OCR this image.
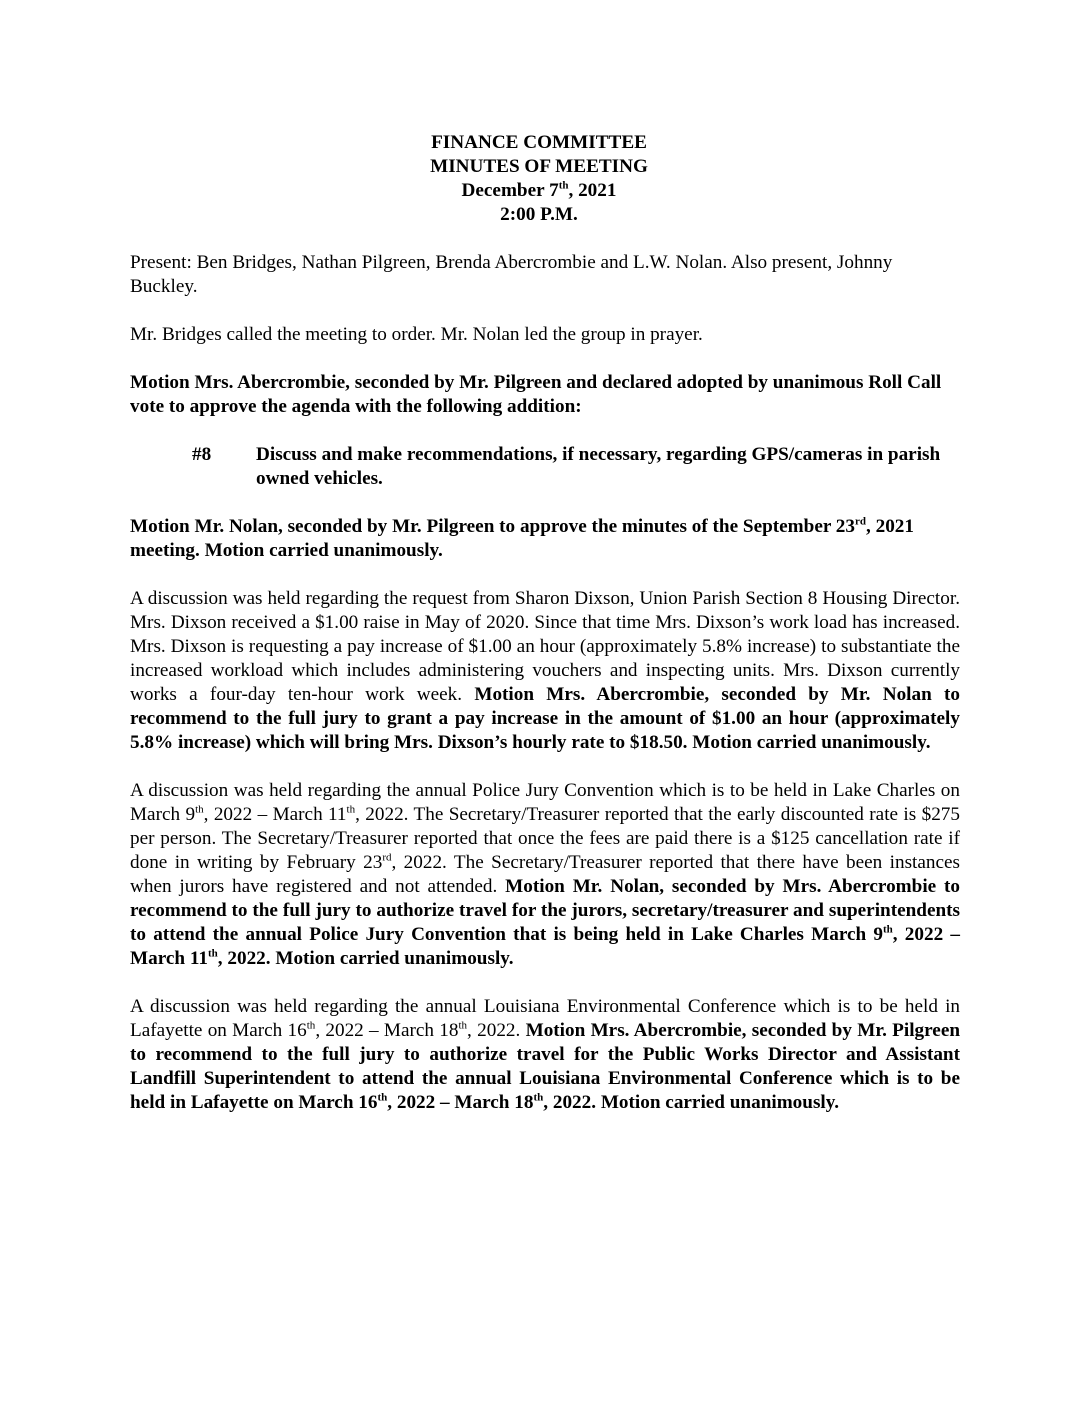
FINANCE COMMITTEE
MINUTES OF MEETING
December 7th, 2021
2:00 P.M.

Present: Ben Bridges, Nathan Pilgreen, Brenda Abercrombie and L.W. Nolan. Also present, Johnny Buckley.

Mr. Bridges called the meeting to order. Mr. Nolan led the group in prayer.

Motion Mrs. Abercrombie, seconded by Mr. Pilgreen and declared adopted by unanimous Roll Call vote to approve the agenda with the following addition:

#8	Discuss and make recommendations, if necessary, regarding GPS/cameras in parish owned vehicles.

Motion Mr. Nolan, seconded by Mr. Pilgreen to approve the minutes of the September 23rd, 2021 meeting. Motion carried unanimously.

A discussion was held regarding the request from Sharon Dixson, Union Parish Section 8 Housing Director. Mrs. Dixson received a $1.00 raise in May of 2020. Since that time Mrs. Dixson’s work load has increased. Mrs. Dixson is requesting a pay increase of $1.00 an hour (approximately 5.8% increase) to substantiate the increased workload which includes administering vouchers and inspecting units. Mrs. Dixson currently works a four-day ten-hour work week. Motion Mrs. Abercrombie, seconded by Mr. Nolan to recommend to the full jury to grant a pay increase in the amount of $1.00 an hour (approximately 5.8% increase) which will bring Mrs. Dixson’s hourly rate to $18.50. Motion carried unanimously.

A discussion was held regarding the annual Police Jury Convention which is to be held in Lake Charles on March 9th, 2022 – March 11th, 2022. The Secretary/Treasurer reported that the early discounted rate is $275 per person. The Secretary/Treasurer reported that once the fees are paid there is a $125 cancellation rate if done in writing by February 23rd, 2022. The Secretary/Treasurer reported that there have been instances when jurors have registered and not attended. Motion Mr. Nolan, seconded by Mrs. Abercrombie to recommend to the full jury to authorize travel for the jurors, secretary/treasurer and superintendents to attend the annual Police Jury Convention that is being held in Lake Charles March 9th, 2022 – March 11th, 2022. Motion carried unanimously.

A discussion was held regarding the annual Louisiana Environmental Conference which is to be held in Lafayette on March 16th, 2022 – March 18th, 2022. Motion Mrs. Abercrombie, seconded by Mr. Pilgreen to recommend to the full jury to authorize travel for the Public Works Director and Assistant Landfill Superintendent to attend the annual Louisiana Environmental Conference which is to be held in Lafayette on March 16th, 2022 – March 18th, 2022. Motion carried unanimously.
